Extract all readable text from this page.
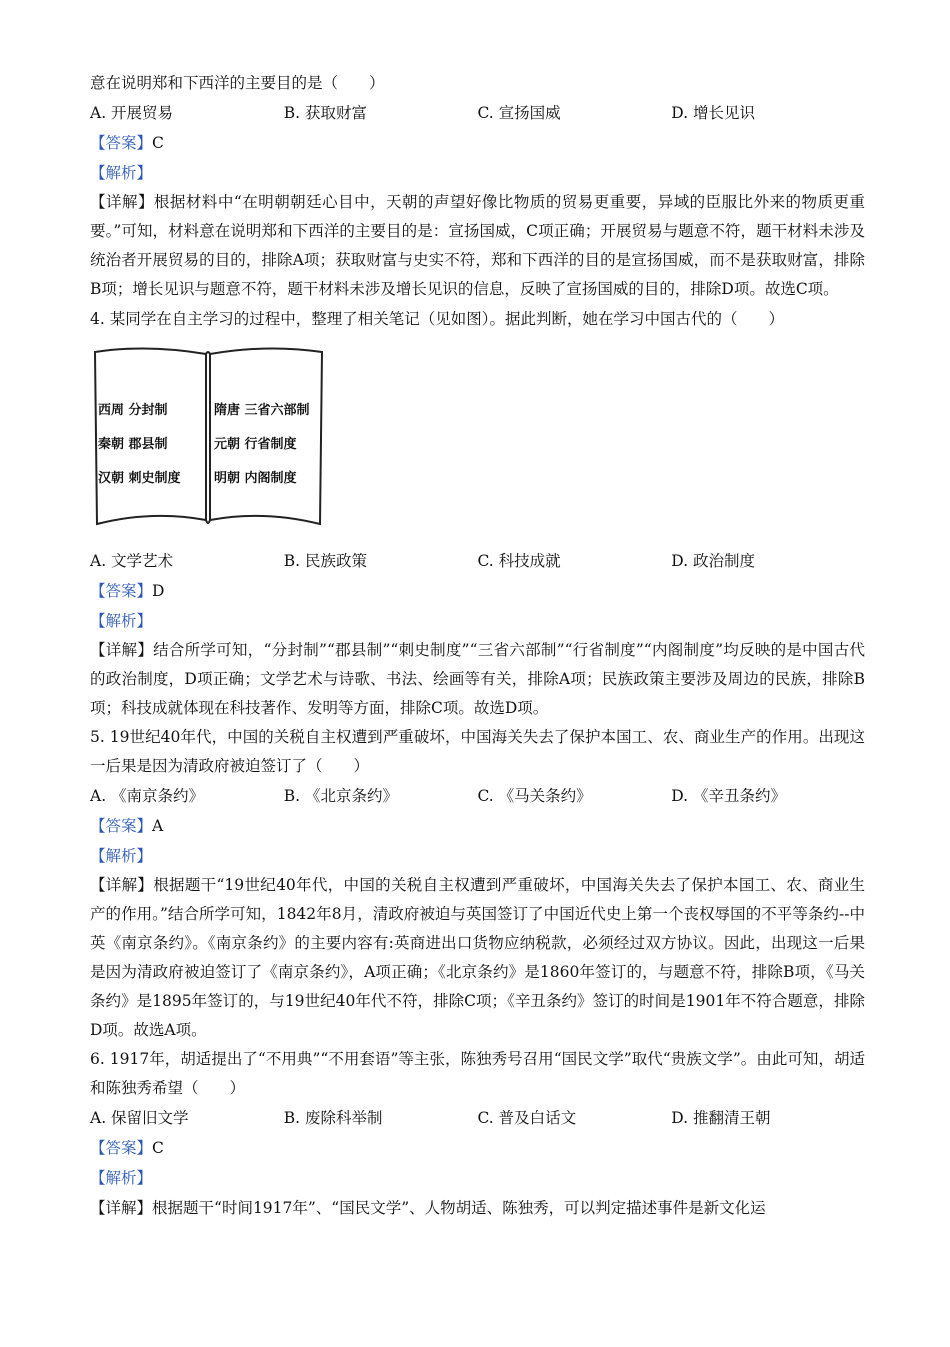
意在说明郑和下西洋的主要目的是（　　）
A. 开展贸易	B. 获取财富	C. 宣扬国威	D. 增长见识
【答案】C
【解析】
【详解】根据材料中“在明朝朝廷心目中，天朝的声望好像比物质的贸易更重要，异域的臣服比外来的物质更重要。”可知，材料意在说明郑和下西洋的主要目的是：宣扬国威，C项正确；开展贸易与题意不符，题干材料未涉及统治者开展贸易的目的，排除A项；获取财富与史实不符，郑和下西洋的目的是宣扬国威，而不是获取财富，排除B项；增长见识与题意不符，题干材料未涉及增长见识的信息，反映了宣扬国威的目的，排除D项。故选C项。
4. 某同学在自主学习的过程中，整理了相关笔记（见如图）。据此判断，她在学习中国古代的（　　）
西周 分封制
秦朝 郡县制
汉朝 刺史制度
隋唐 三省六部制
元朝 行省制度
明朝 内阁制度
A. 文学艺术	B. 民族政策	C. 科技成就	D. 政治制度
【答案】D
【解析】
【详解】结合所学可知，“分封制”“郡县制”“刺史制度”“三省六部制”“行省制度”“内阁制度”均反映的是中国古代的政治制度，D项正确；文学艺术与诗歌、书法、绘画等有关，排除A项；民族政策主要涉及周边的民族，排除B项；科技成就体现在科技著作、发明等方面，排除C项。故选D项。
5. 19世纪40年代，中国的关税自主权遭到严重破坏，中国海关失去了保护本国工、农、商业生产的作用。出现这一后果是因为清政府被迫签订了（　　）
A. 《南京条约》	B. 《北京条约》	C. 《马关条约》	D. 《辛丑条约》
【答案】A
【解析】
【详解】根据题干“19世纪40年代，中国的关税自主权遭到严重破坏，中国海关失去了保护本国工、农、商业生产的作用。”结合所学可知，1842年8月，清政府被迫与英国签订了中国近代史上第一个丧权辱国的不平等条约--中英《南京条约》。《南京条约》的主要内容有:英商进出口货物应纳税款，必须经过双方协议。因此，出现这一后果是因为清政府被迫签订了《南京条约》，A项正确；《北京条约》是1860年签订的，与题意不符，排除B项，《马关条约》是1895年签订的，与19世纪40年代不符，排除C项；《辛丑条约》签订的时间是1901年不符合题意，排除D项。故选A项。
6. 1917年，胡适提出了“不用典”“不用套语”等主张，陈独秀号召用“国民文学”取代“贵族文学”。由此可知，胡适和陈独秀希望（　　）
A. 保留旧文学	B. 废除科举制	C. 普及白话文	D. 推翻清王朝
【答案】C
【解析】
【详解】根据题干“时间1917年”、“国民文学”、人物胡适、陈独秀，可以判定描述事件是新文化运
